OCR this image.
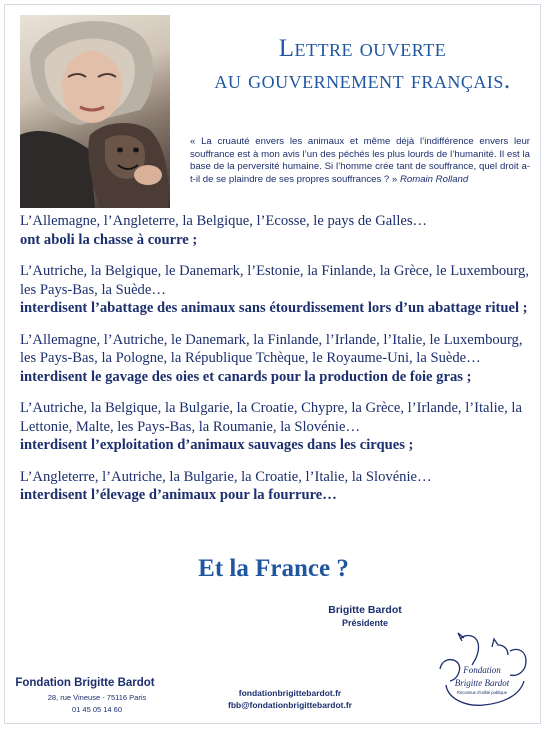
Lettre ouverte
au gouvernement français.
« La cruauté envers les animaux et même déjà l’indifférence envers leur souffrance est à mon avis l’un des péchés les plus lourds de l’humanité. Il est la base de la perversité humaine. Si l’homme crée tant de souffrance, quel droit a-t-il de se plaindre de ses propres souffrances ? » Romain Rolland
L’Allemagne, l’Angleterre, la Belgique, l’Ecosse, le pays de Galles…
ont aboli la chasse à courre ;
L’Autriche, la Belgique, le Danemark, l’Estonie, la Finlande, la Grèce, le Luxembourg, les Pays-Bas, la Suède…
interdisent l’abattage des animaux sans étourdissement lors d’un abattage rituel ;
L’Allemagne, l’Autriche, le Danemark, la Finlande, l’Irlande, l’Italie, le Luxembourg, les Pays-Bas, la Pologne, la République Tchèque, le Royaume-Uni, la Suède…
interdisent le gavage des oies et canards pour la production de foie gras ;
L’Autriche, la Belgique, la Bulgarie, la Croatie, Chypre, la Grèce, l’Irlande, l’Italie, la Lettonie, Malte, les Pays-Bas, la Roumanie, la Slovénie…
interdisent l’exploitation d’animaux sauvages dans les cirques ;
L’Angleterre, l’Autriche, la Bulgarie, la Croatie, l’Italie, la Slovénie…
interdisent l’élevage d’animaux pour la fourrure…
Et la France ?
Brigitte Bardot
Présidente
Fondation Brigitte Bardot
28, rue Vineuse - 75116 Paris
01 45 05 14 60
fondationbrigittebardot.fr
fbb@fondationbrigittebardot.fr
Fondation
Brigitte Bardot
Reconnue d'utilité publique
